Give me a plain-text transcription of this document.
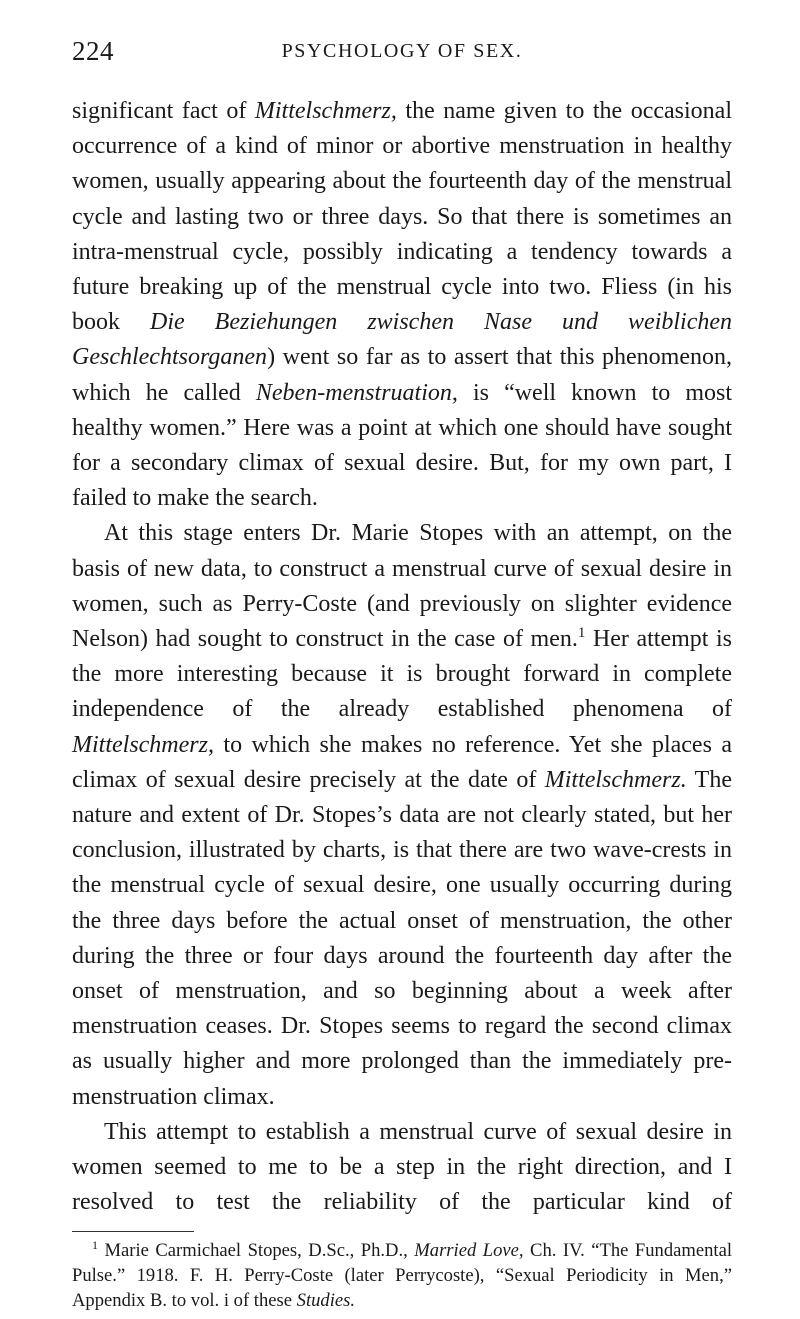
224	PSYCHOLOGY OF SEX.

significant fact of Mittelschmerz, the name given to the occasional occurrence of a kind of minor or abortive menstruation in healthy women, usually appearing about the fourteenth day of the menstrual cycle and lasting two or three days. So that there is sometimes an intra-menstrual cycle, possibly indicating a tendency towards a future breaking up of the menstrual cycle into two. Fliess (in his book Die Beziehungen zwischen Nase und weiblichen Geschlechtsorganen) went so far as to assert that this phenomenon, which he called Neben-menstruation, is “well known to most healthy women.” Here was a point at which one should have sought for a secondary climax of sexual desire. But, for my own part, I failed to make the search.

At this stage enters Dr. Marie Stopes with an attempt, on the basis of new data, to construct a menstrual curve of sexual desire in women, such as Perry-Coste (and previously on slighter evidence Nelson) had sought to construct in the case of men.$^1$ Her attempt is the more interesting because it is brought forward in complete independence of the already established phenomena of Mittelschmerz, to which she makes no reference. Yet she places a climax of sexual desire precisely at the date of Mittelschmerz. The nature and extent of Dr. Stopes’s data are not clearly stated, but her conclusion, illustrated by charts, is that there are two wave-crests in the menstrual cycle of sexual desire, one usually occurring during the three days before the actual onset of menstruation, the other during the three or four days around the fourteenth day after the onset of menstruation, and so beginning about a week after menstruation ceases. Dr. Stopes seems to regard the second climax as usually higher and more prolonged than the immediately pre-menstruation climax.

This attempt to establish a menstrual curve of sexual desire in women seemed to me to be a step in the right direction, and I resolved to test the reliability of the particular kind of

$^1$ Marie Carmichael Stopes, D.Sc., Ph.D., Married Love, Ch. IV. “The Fundamental Pulse.” 1918. F. H. Perry-Coste (later Perrycoste), “Sexual Periodicity in Men,” Appendix B. to vol. i of these Studies.
